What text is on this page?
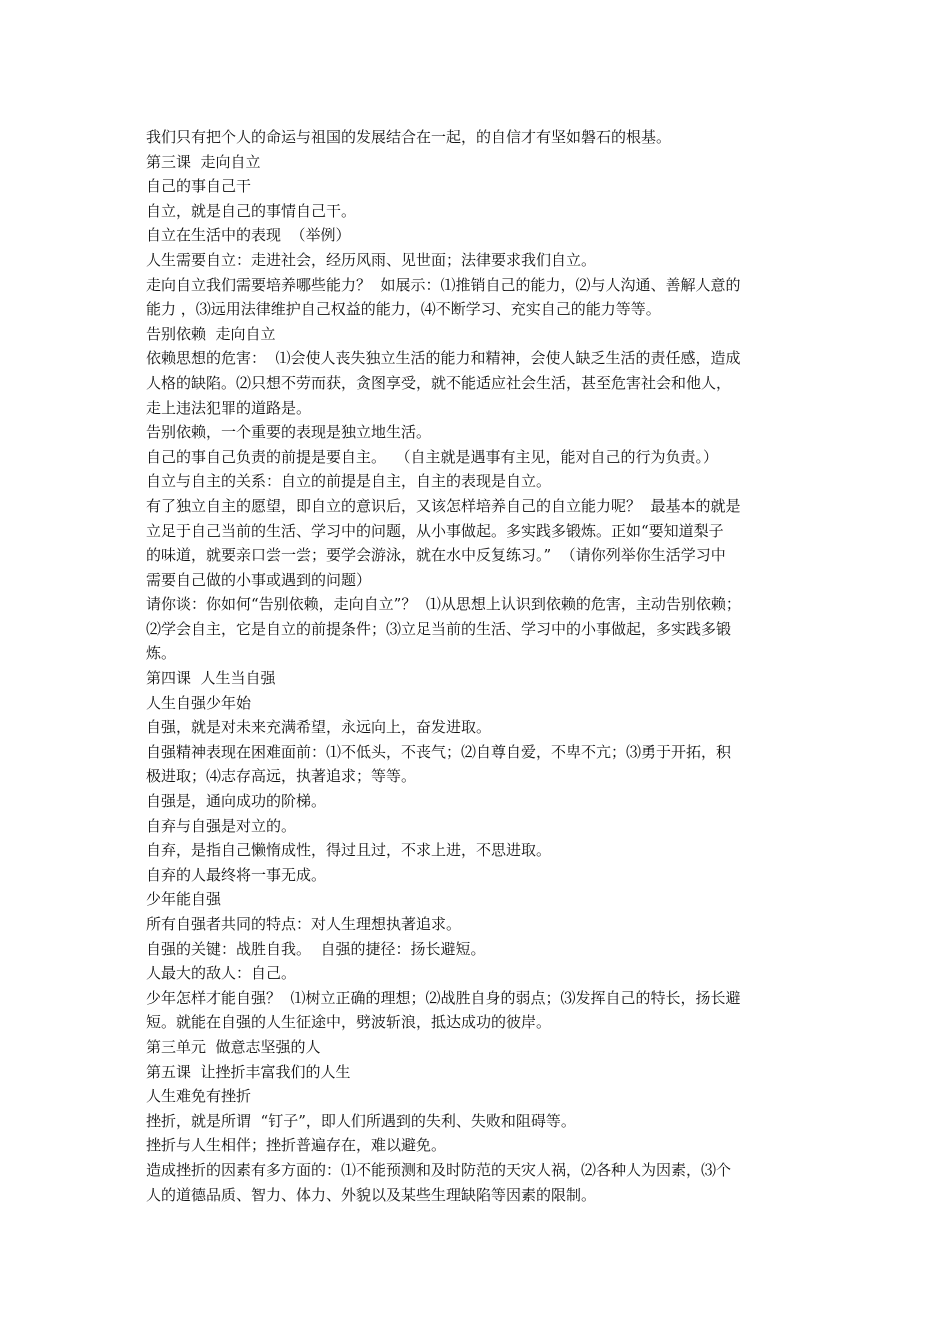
我们只有把个人的命运与祖国的发展结合在一起，的自信才有坚如磐石的根基。
第三课  走向自立
自己的事自己干
自立，就是自己的事情自己干。
自立在生活中的表现  （举例）
人生需要自立：走进社会，经历风雨、见世面；法律要求我们自立。
走向自立我们需要培养哪些能力？  如展示：⑴推销自己的能力，⑵与人沟通、善解人意的
能力 ，⑶远用法律维护自己权益的能力，⑷不断学习、充实自己的能力等等。
告别依赖  走向自立
依赖思想的危害：  ⑴会使人丧失独立生活的能力和精神，会使人缺乏生活的责任感，造成
人格的缺陷。⑵只想不劳而获，贪图享受，就不能适应社会生活，甚至危害社会和他人，
走上违法犯罪的道路是。
告别依赖，一个重要的表现是独立地生活。
自己的事自己负责的前提是要自主。  （自主就是遇事有主见，能对自己的行为负责。）
自立与自主的关系：自立的前提是自主，自主的表现是自立。
有了独立自主的愿望，即自立的意识后，又该怎样培养自己的自立能力呢？  最基本的就是
立足于自己当前的生活、学习中的问题，从小事做起。多实践多锻炼。正如“要知道梨子
的味道，就要亲口尝一尝；要学会游泳，就在水中反复练习。”  （请你列举你生活学习中
需要自己做的小事或遇到的问题）
请你谈：你如何“告别依赖，走向自立”？  ⑴从思想上认识到依赖的危害，主动告别依赖；
⑵学会自主，它是自立的前提条件；⑶立足当前的生活、学习中的小事做起，多实践多锻
炼。
第四课  人生当自强
人生自强少年始
自强，就是对未来充满希望，永远向上，奋发进取。
自强精神表现在困难面前：⑴不低头，不丧气；⑵自尊自爱，不卑不亢；⑶勇于开拓，积
极进取；⑷志存高远，执著追求；等等。
自强是，通向成功的阶梯。
自弃与自强是对立的。
自弃，是指自己懒惰成性，得过且过，不求上进，不思进取。
自弃的人最终将一事无成。
少年能自强
所有自强者共同的特点：对人生理想执著追求。
自强的关键：战胜自我。  自强的捷径：扬长避短。
人最大的敌人：自己。
少年怎样才能自强？  ⑴树立正确的理想；⑵战胜自身的弱点；⑶发挥自己的特长，扬长避
短。就能在自强的人生征途中，劈波斩浪，抵达成功的彼岸。
第三单元  做意志坚强的人
第五课  让挫折丰富我们的人生
人生难免有挫折
挫折，就是所谓  “钉子”，即人们所遇到的失利、失败和阻碍等。
挫折与人生相伴；挫折普遍存在，难以避免。
造成挫折的因素有多方面的：⑴不能预测和及时防范的天灾人祸，⑵各种人为因素，⑶个
人的道德品质、智力、体力、外貌以及某些生理缺陷等因素的限制。
